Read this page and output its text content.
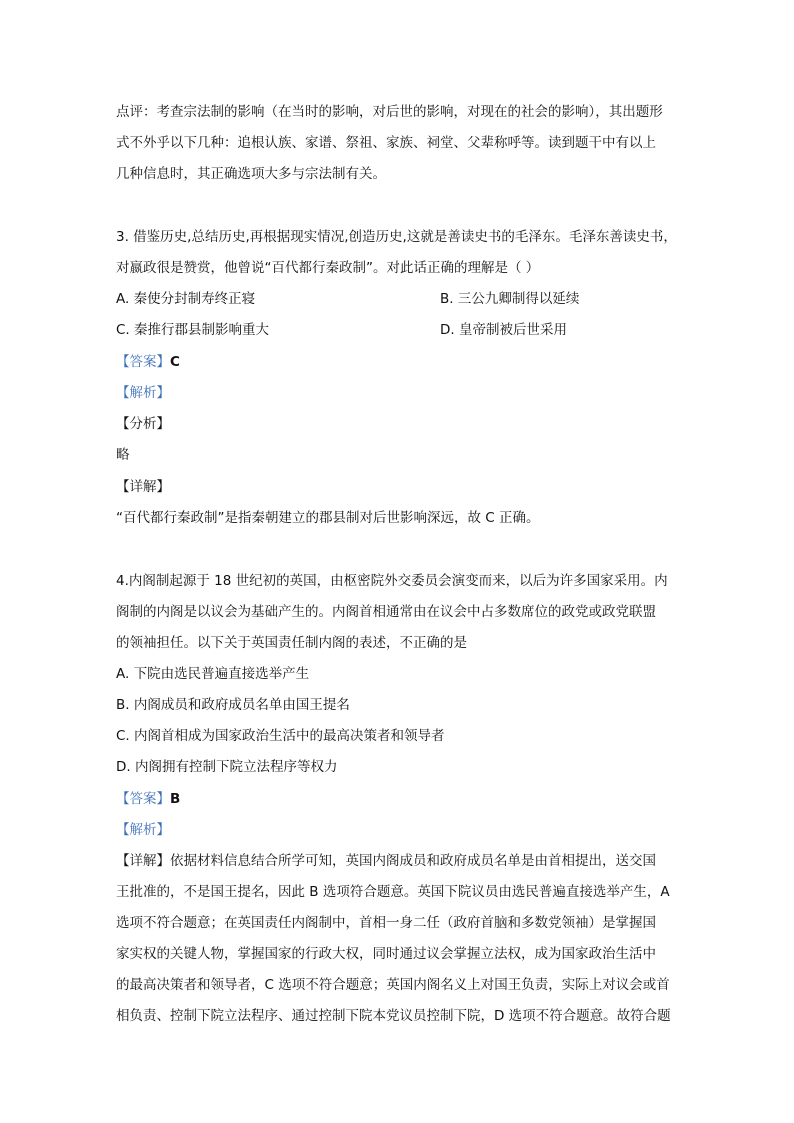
点评：考查宗法制的影响（在当时的影响，对后世的影响，对现在的社会的影响），其出题形
式不外乎以下几种：追根认族、家谱、祭祖、家族、祠堂、父辈称呼等。读到题干中有以上
几种信息时，其正确选项大多与宗法制有关。
3. 借鉴历史,总结历史,再根据现实情况,创造历史,这就是善读史书的毛泽东。毛泽东善读史书，
对嬴政很是赞赏，他曾说“百代都行秦政制”。对此话正确的理解是（ ）
A. 秦使分封制寿终正寝	B. 三公九卿制得以延续
C. 秦推行郡县制影响重大	D. 皇帝制被后世采用
【答案】C
【解析】
【分析】
略
【详解】
“百代都行秦政制”是指秦朝建立的郡县制对后世影响深远，故 C 正确。
4.内阁制起源于 18 世纪初的英国，由枢密院外交委员会演变而来，以后为许多国家采用。内
阁制的内阁是以议会为基础产生的。内阁首相通常由在议会中占多数席位的政党或政党联盟
的领袖担任。以下关于英国责任制内阁的表述，不正确的是
A. 下院由选民普遍直接选举产生
B. 内阁成员和政府成员名单由国王提名
C. 内阁首相成为国家政治生活中的最高决策者和领导者
D. 内阁拥有控制下院立法程序等权力
【答案】B
【解析】
【详解】依据材料信息结合所学可知，英国内阁成员和政府成员名单是由首相提出，送交国
王批准的，不是国王提名，因此 B 选项符合题意。英国下院议员由选民普遍直接选举产生，A
选项不符合题意；在英国责任内阁制中，首相一身二任（政府首脑和多数党领袖）是掌握国
家实权的关键人物，掌握国家的行政大权，同时通过议会掌握立法权，成为国家政治生活中
的最高决策者和领导者，C 选项不符合题意；英国内阁名义上对国王负责，实际上对议会或首
相负责、控制下院立法程序、通过控制下院本党议员控制下院，D 选项不符合题意。故符合题
